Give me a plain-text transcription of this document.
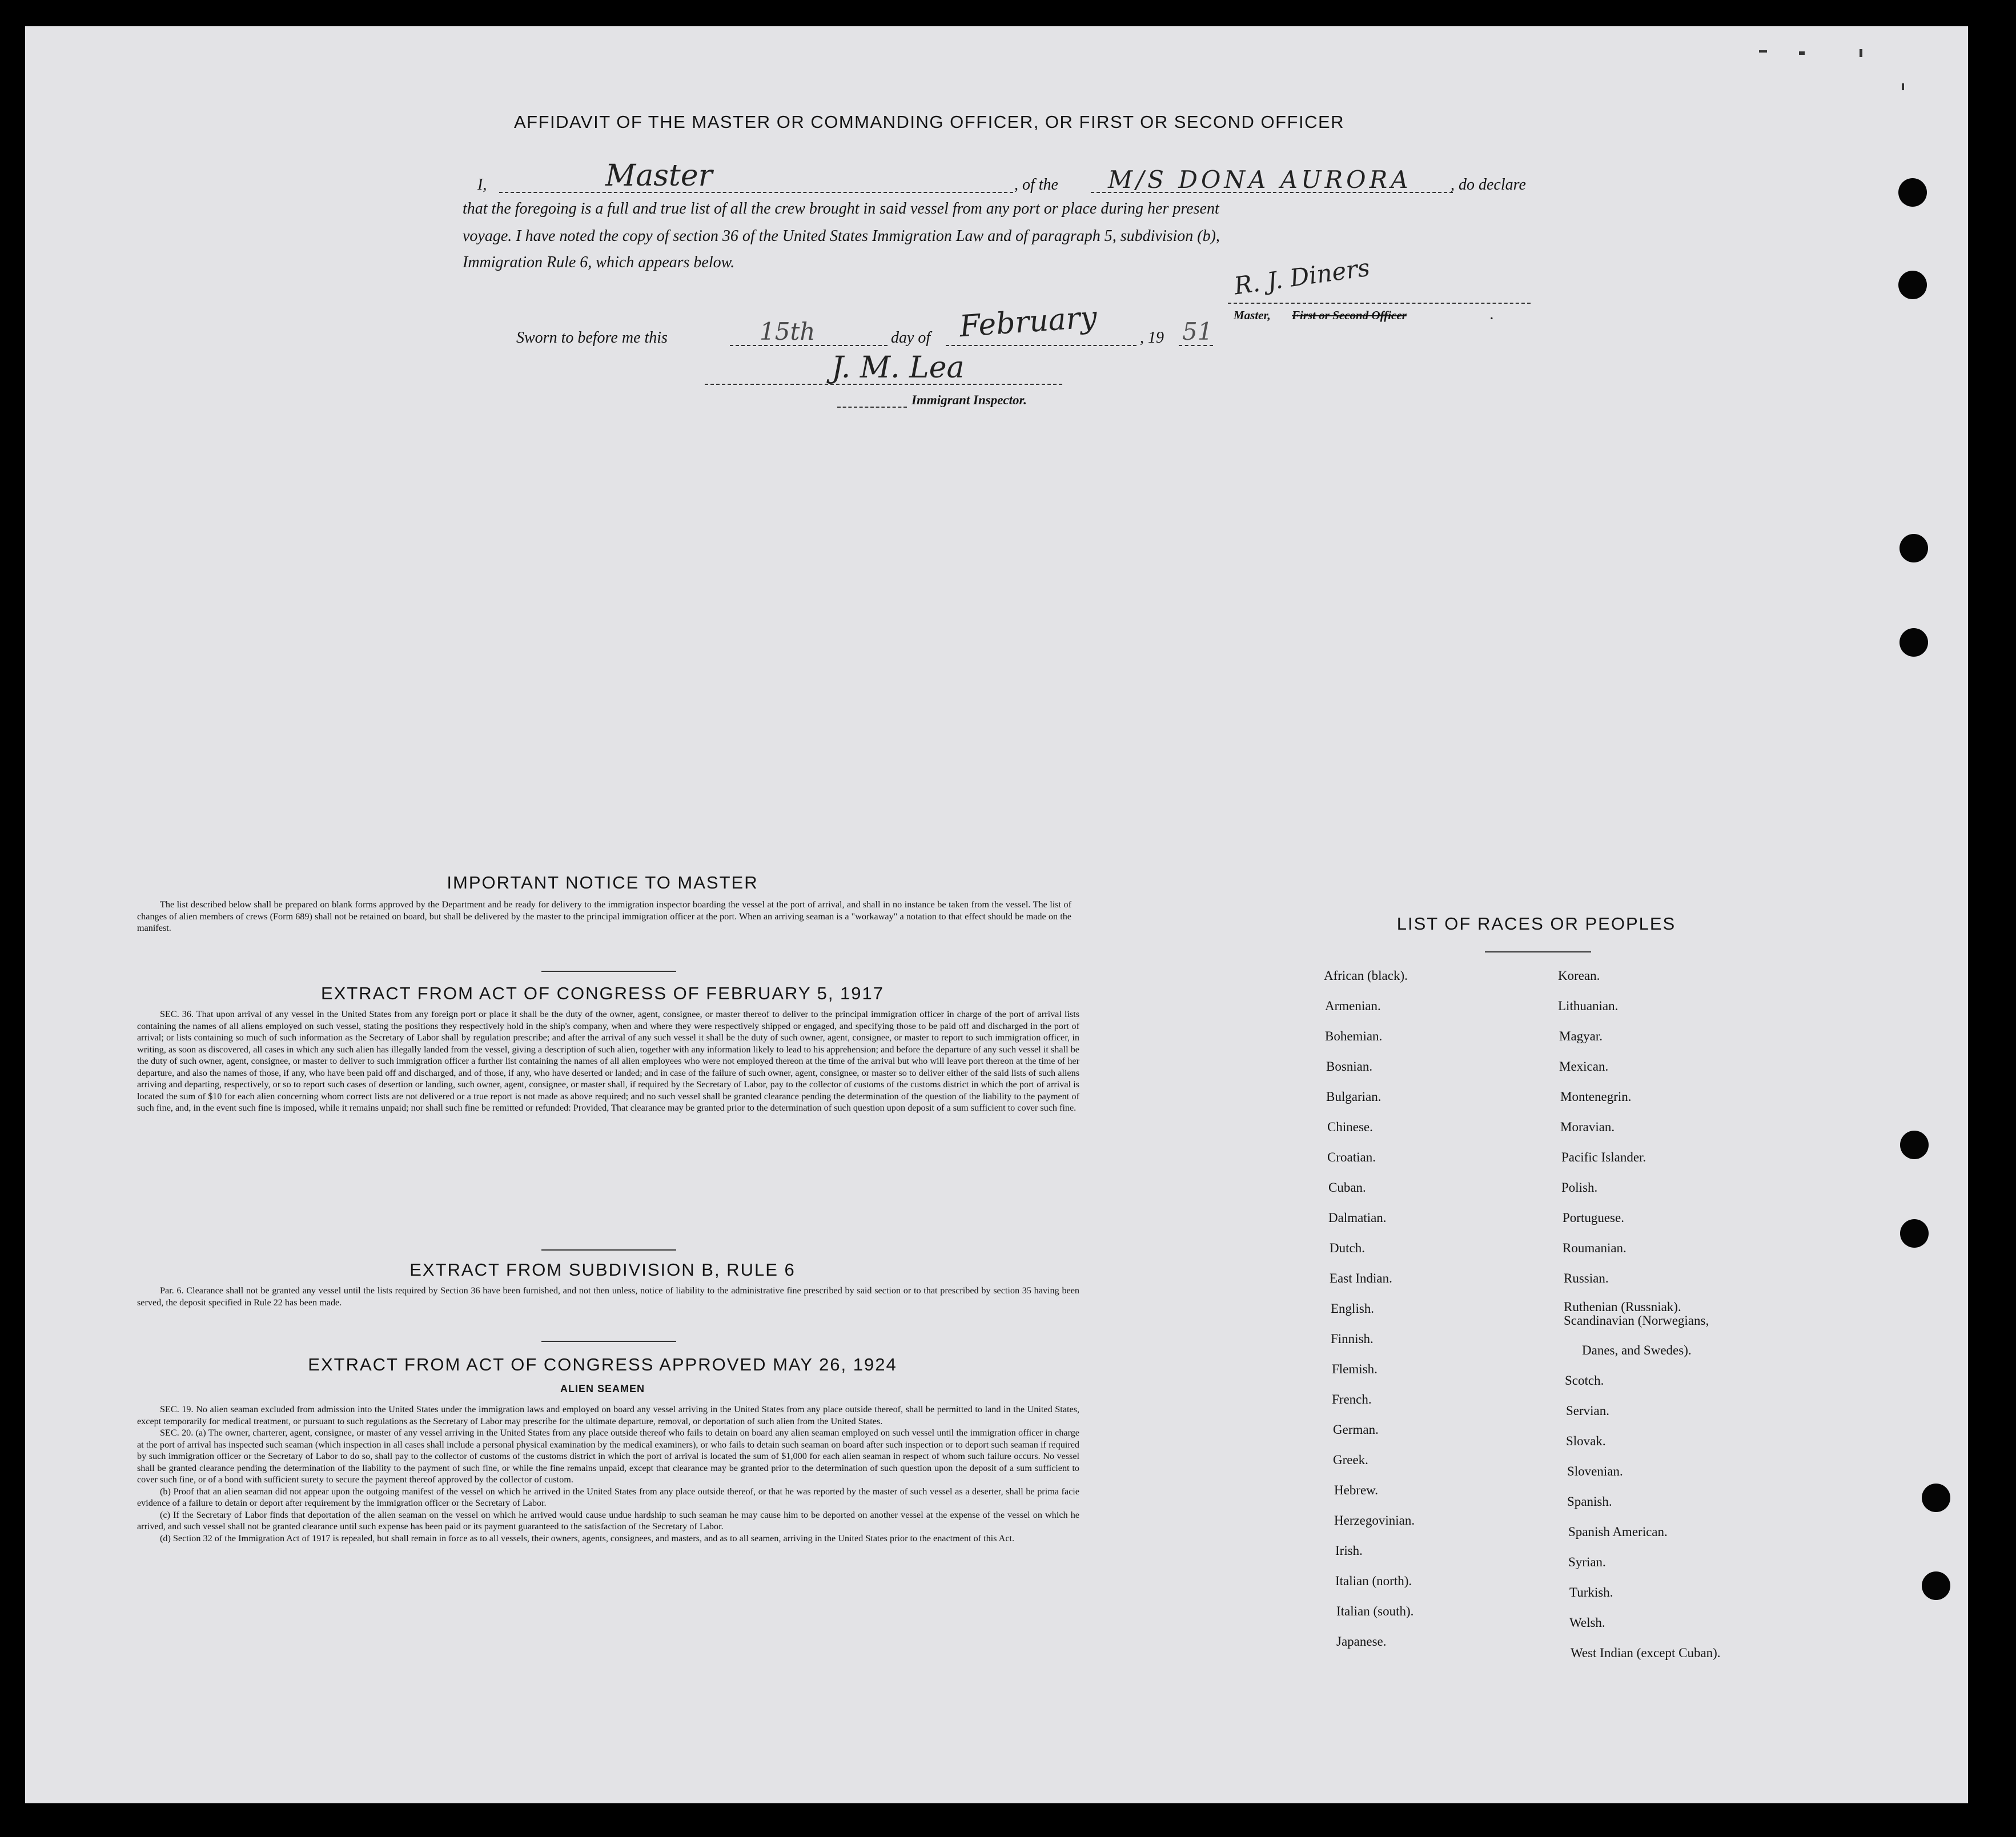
AFFIDAVIT OF THE MASTER OR COMMANDING OFFICER, OR FIRST OR SECOND OFFICER
I,	Master	, of the M/S DONA AURORA , do declare
that the foregoing is a full and true list of all the crew brought in said vessel from any port or place during her present
voyage. I have noted the copy of section 36 of the United States Immigration Law and of paragraph 5, subdivision (b),
Immigration Rule 6, which appears below.	R. J. Diners
Master, First or Second Officer	.
Sworn to before me this	15th	day of February	, 19 51
J. M. Lea
Immigrant Inspector.
IMPORTANT NOTICE TO MASTER

The list described below shall be prepared on blank forms approved by the Department and be ready for delivery to the immigration inspector boarding the vessel at the port of arrival, and shall in no instance be taken from the vessel. The list of changes of alien members of crews (Form 689) shall not be retained on board, but shall be delivered by the master to the principal immigration officer at the port. When an arriving seaman is a "workaway" a notation to that effect should be made on the manifest.

EXTRACT FROM ACT OF CONGRESS OF FEBRUARY 5, 1917

SEC. 36. That upon arrival of any vessel in the United States from any foreign port or place it shall be the duty of the owner, agent, consignee, or master thereof to deliver to the principal immigration officer in charge of the port of arrival lists containing the names of all aliens employed on such vessel, stating the positions they respectively hold in the ship's company, when and where they were respectively shipped or engaged, and specifying those to be paid off and discharged in the port of arrival; or lists containing so much of such information as the Secretary of Labor shall by regulation prescribe; and after the arrival of any such vessel it shall be the duty of such owner, agent, consignee, or master to report to such immigration officer, in writing, as soon as discovered, all cases in which any such alien has illegally landed from the vessel, giving a description of such alien, together with any information likely to lead to his apprehension; and before the departure of any such vessel it shall be the duty of such owner, agent, consignee, or master to deliver to such immigration officer a further list containing the names of all alien employees who were not employed thereon at the time of the arrival but who will leave port thereon at the time of her departure, and also the names of those, if any, who have been paid off and discharged, and of those, if any, who have deserted or landed; and in case of the failure of such owner, agent, consignee, or master so to deliver either of the said lists of such aliens arriving and departing, respectively, or so to report such cases of desertion or landing, such owner, agent, consignee, or master shall, if required by the Secretary of Labor, pay to the collector of customs of the customs district in which the port of arrival is located the sum of $10 for each alien concerning whom correct lists are not delivered or a true report is not made as above required; and no such vessel shall be granted clearance pending the determination of the question of the liability to the payment of such fine, and, in the event such fine is imposed, while it remains unpaid; nor shall such fine be remitted or refunded: Provided, That clearance may be granted prior to the determination of such question upon deposit of a sum sufficient to cover such fine.

EXTRACT FROM SUBDIVISION B, RULE 6

Par. 6. Clearance shall not be granted any vessel until the lists required by Section 36 have been furnished, and not then unless, notice of liability to the administrative fine prescribed by said section or to that prescribed by section 35 having been served, the deposit specified in Rule 22 has been made.

EXTRACT FROM ACT OF CONGRESS APPROVED MAY 26, 1924
ALIEN SEAMEN

SEC. 19. No alien seaman excluded from admission into the United States under the immigration laws and employed on board any vessel arriving in the United States from any place outside thereof, shall be permitted to land in the United States, except temporarily for medical treatment, or pursuant to such regulations as the Secretary of Labor may prescribe for the ultimate departure, removal, or deportation of such alien from the United States.

SEC. 20. (a) The owner, charterer, agent, consignee, or master of any vessel arriving in the United States from any place outside thereof who fails to detain on board any alien seaman employed on such vessel until the immigration officer in charge at the port of arrival has inspected such seaman (which inspection in all cases shall include a personal physical examination by the medical examiners), or who fails to detain such seaman on board after such inspection or to deport such seaman if required by such immigration officer or the Secretary of Labor to do so, shall pay to the collector of customs of the customs district in which the port of arrival is located the sum of $1,000 for each alien seaman in respect of whom such failure occurs. No vessel shall be granted clearance pending the determination of the liability to the payment of such fine, or while the fine remains unpaid, except that clearance may be granted prior to the determination of such question upon the deposit of a sum sufficient to cover such fine, or of a bond with sufficient surety to secure the payment thereof approved by the collector of custom.

(b) Proof that an alien seaman did not appear upon the outgoing manifest of the vessel on which he arrived in the United States from any place outside thereof, or that he was reported by the master of such vessel as a deserter, shall be prima facie evidence of a failure to detain or deport after requirement by the immigration officer or the Secretary of Labor.

(c) If the Secretary of Labor finds that deportation of the alien seaman on the vessel on which he arrived would cause undue hardship to such seaman he may cause him to be deported on another vessel at the expense of the vessel on which he arrived, and such vessel shall not be granted clearance until such expense has been paid or its payment guaranteed to the satisfaction of the Secretary of Labor.

(d) Section 32 of the Immigration Act of 1917 is repealed, but shall remain in force as to all vessels, their owners, agents, consignees, and masters, and as to all seamen, arriving in the United States prior to the enactment of this Act.

LIST OF RACES OR PEOPLES
African (black).
Armenian.
Bohemian.
Bosnian.
Bulgarian.
Chinese.
Croatian.
Cuban.
Dalmatian.
Dutch.
East Indian.
English.
Finnish.
Flemish.
French.
German.
Greek.
Hebrew.
Herzegovinian.
Irish.
Italian (north).
Italian (south).
Japanese.
Korean.
Lithuanian.
Magyar.
Mexican.
Montenegrin.
Moravian.
Pacific Islander.
Polish.
Portuguese.
Roumanian.
Russian.
Ruthenian (Russniak).
Scandinavian (Norwegians,
Danes, and Swedes).
Scotch.
Servian.
Slovak.
Slovenian.
Spanish.
Spanish American.
Syrian.
Turkish.
Welsh.
West Indian (except Cuban).
